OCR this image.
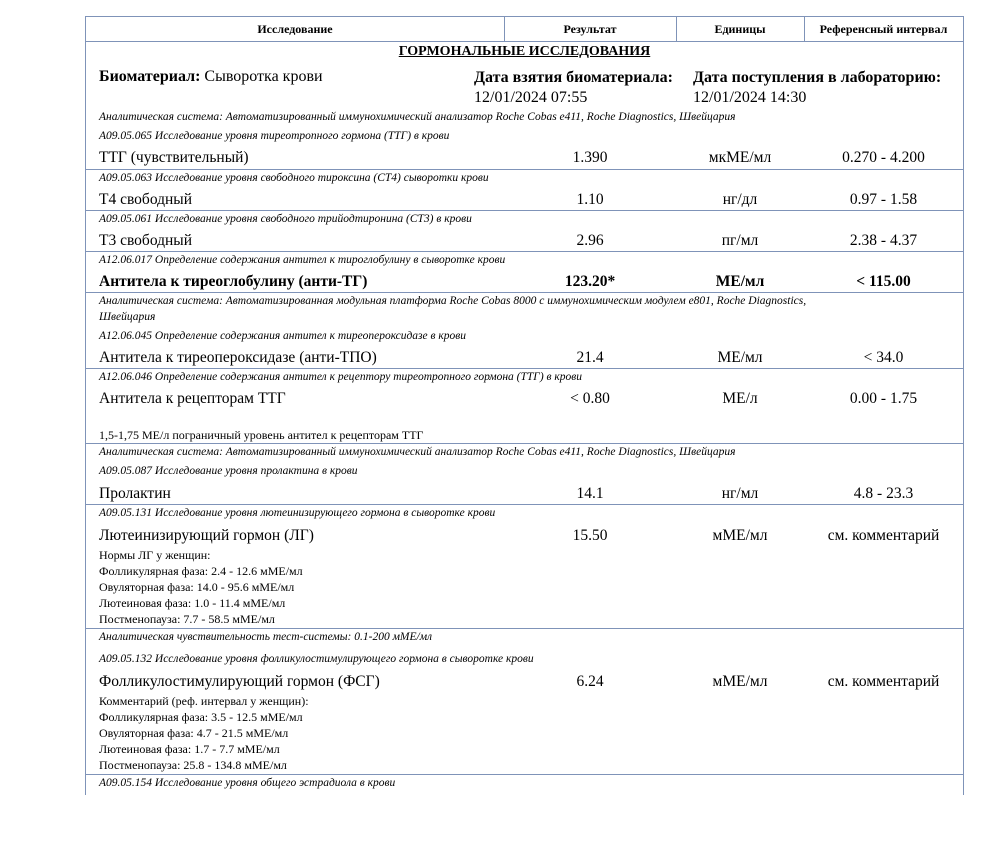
Исследование	Результат	Единицы	Референсный интервал
ГОРМОНАЛЬНЫЕ ИССЛЕДОВАНИЯ
Биоматериал: Сыворотка крови	Дата взятия биоматериала:
12/01/2024 07:55
Дата поступления в лабораторию:
12/01/2024 14:30
Аналитическая система: Автоматизированный иммунохимический анализатор Roche Cobas e411, Roche Diagnostics, Швейцария
А09.05.065 Исследование уровня тиреотропного гормона (ТТГ) в крови
ТТГ (чувствительный)	1.390	мкМЕ/мл	0.270 - 4.200
А09.05.063 Исследование уровня свободного тироксина (СТ4) сыворотки крови
Т4 свободный	1.10	нг/дл	0.97 - 1.58
А09.05.061 Исследование уровня свободного трийодтиронина (СТ3) в крови
Т3 свободный	2.96	пг/мл	2.38 - 4.37
А12.06.017 Определение содержания антител к тироглобулину в сыворотке крови
Антитела к тиреоглобулину (анти-ТГ)	123.20*	МЕ/мл	< 115.00
Аналитическая система: Автоматизированная модульная платформа Roche Cobas 8000 с иммунохимическим модулем e801, Roche Diagnostics,
Швейцария
А12.06.045 Определение содержания антител к тиреопероксидазе в крови
Антитела к тиреопероксидазе (анти-ТПО)	21.4	МЕ/мл	< 34.0
А12.06.046 Определение содержания антител к рецептору тиреотропного гормона (ТТГ) в крови
Антитела к рецепторам ТТГ	< 0.80	МЕ/л	0.00 - 1.75
1,5-1,75 МЕ/л пограничный уровень антител к рецепторам ТТГ
Аналитическая система: Автоматизированный иммунохимический анализатор Roche Cobas e411, Roche Diagnostics, Швейцария
А09.05.087 Исследование уровня пролактина в крови
Пролактин	14.1	нг/мл	4.8 - 23.3
А09.05.131 Исследование уровня лютеинизирующего гормона в сыворотке крови
Лютеинизирующий гормон (ЛГ)	15.50	мМЕ/мл	см. комментарий
Нормы ЛГ у женщин:
Фолликулярная фаза: 2.4 - 12.6 мМЕ/мл
Овуляторная фаза: 14.0 - 95.6 мМЕ/мл
Лютеиновая фаза: 1.0 - 11.4 мМЕ/мл
Постменопауза: 7.7 - 58.5 мМЕ/мл
Аналитическая чувствительность тест-системы: 0.1-200 мМЕ/мл
А09.05.132 Исследование уровня фолликулостимулирующего гормона в сыворотке крови
Фолликулостимулирующий гормон (ФСГ)	6.24	мМЕ/мл	см. комментарий
Комментарий (реф. интервал у женщин):
Фолликулярная фаза: 3.5 - 12.5 мМЕ/мл
Овуляторная фаза: 4.7 - 21.5 мМЕ/мл
Лютеиновая фаза: 1.7 - 7.7 мМЕ/мл
Постменопауза: 25.8 - 134.8 мМЕ/мл
А09.05.154 Исследование уровня общего эстрадиола в крови
